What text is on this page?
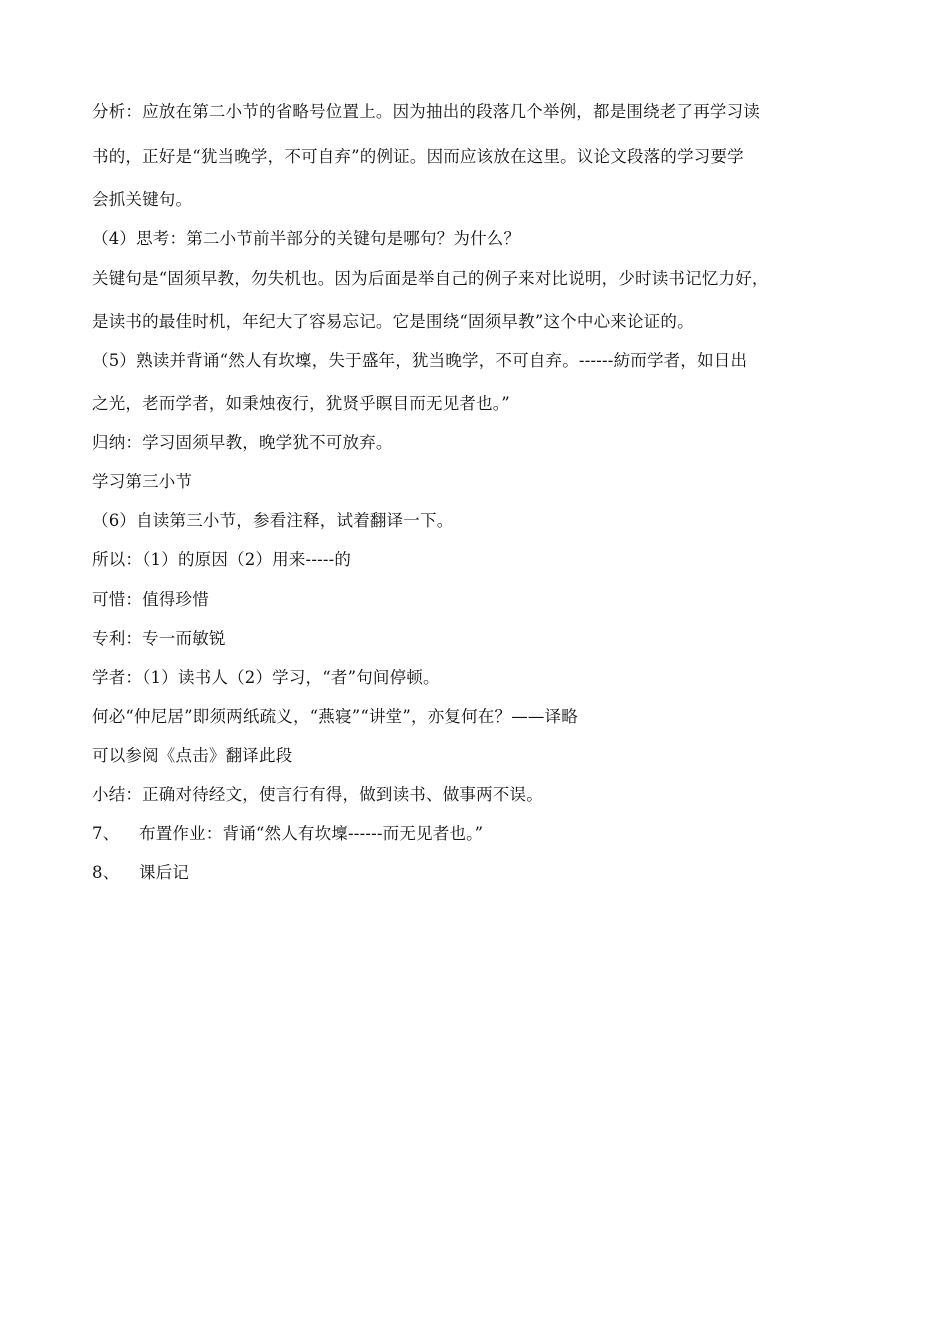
分析：应放在第二小节的省略号位置上。因为抽出的段落几个举例，都是围绕老了再学习读
书的，正好是“犹当晚学，不可自弃”的例证。因而应该放在这里。议论文段落的学习要学
会抓关键句。
（4）思考：第二小节前半部分的关键句是哪句？为什么？
关键句是“固须早教，勿失机也。因为后面是举自己的例子来对比说明，少时读书记忆力好，
是读书的最佳时机，年纪大了容易忘记。它是围绕“固须早教”这个中心来论证的。
（5）熟读并背诵“然人有坎壈，失于盛年，犹当晚学，不可自弃。------紡而学者，如日出
之光，老而学者，如秉烛夜行，犹贤乎瞑目而无见者也。”
归纳：学习固须早教，晚学犹不可放弃。
学习第三小节
（6）自读第三小节，参看注释，试着翻译一下。
所以：（1）的原因（2）用来-----的
可惜：值得珍惜
专利：专一而敏锐
学者：（1）读书人（2）学习，“者”句间停顿。
何必“仲尼居”即须两纸疏义，“燕寝”“讲堂”，亦复何在？——译略
可以参阅《点击》翻译此段
小结：正确对待经文，使言行有得，做到读书、做事两不误。
7、 布置作业：背诵“然人有坎壈------而无见者也。”
8、 课后记
